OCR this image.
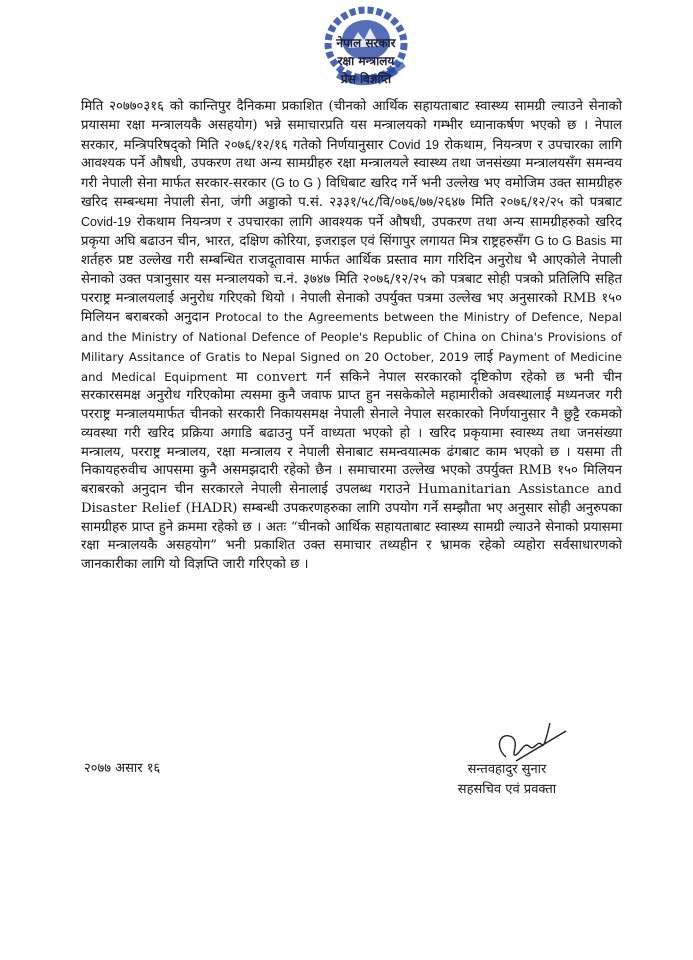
नेपाल सरकार
रक्षा मन्त्रालय
प्रेस विज्ञप्ति

मिति २०७७०३१६ को कान्तिपुर दैनिकमा प्रकाशित (चीनको आर्थिक सहायताबाट स्वास्थ्य सामग्री ल्याउने सेनाको प्रयासमा रक्षा मन्त्रालयकै असहयोग) भन्ने समाचारप्रति यस मन्त्रालयको गम्भीर ध्यानाकर्षण भएको छ । नेपाल सरकार, मन्त्रिपरिषद्‌को मिति २०७६/१२/१६ गतेको निर्णयानुसार Covid 19 रोकथाम, नियन्त्रण र उपचारका लागि आवश्यक पर्ने औषधी, उपकरण तथा अन्य सामग्रीहरु रक्षा मन्त्रालयले स्वास्थ्य तथा जनसंख्या मन्त्रालयसँग समन्वय गरी नेपाली सेना मार्फत सरकार-सरकार (G to G ) विधिबाट खरिद गर्ने भनी उल्लेख भए वमोजिम उक्त सामग्रीहरु खरिद सम्बन्धमा नेपाली सेना, जंगी अड्डाको प.सं. २३३१/५८/वि/०७६/७७/२६४७ मिति २०७६/१२/२५ को पत्रबाट Covid-19 रोकथाम नियन्त्रण र उपचारका लागि आवश्यक पर्ने औषधी, उपकरण तथा अन्य सामग्रीहरुको खरिद प्रकृया अघि बढाउन चीन, भारत, दक्षिण कोरिया, इजराइल एवं सिंगापुर लगायत मित्र राष्ट्रहरुसँग G to G Basis मा शर्तहरु प्रष्ट उल्लेख गरी सम्बन्धित राजदूतावास मार्फत आर्थिक प्रस्ताव माग गरिदिन अनुरोध भै आएकोले नेपाली सेनाको उक्त पत्रानुसार यस मन्त्रालयको च.नं. ३७४७ मिति २०७६/१२/२५ को पत्रबाट सोही पत्रको प्रतिलिपि सहित परराष्ट्र मन्त्रालयलाई अनुरोध गरिएको थियो । नेपाली सेनाको उपर्युक्त पत्रमा उल्लेख भए अनुसारको RMB १५० मिलियन बराबरको अनुदान Protocal to the Agreements between the Ministry of Defence, Nepal and the Ministry of National Defence of People's Republic of China on China's Provisions of Military Assitance of Gratis to Nepal Signed on 20 October, 2019 लाई Payment of Medicine and Medical Equipment मा convert गर्न सकिने नेपाल सरकारको दृष्टिकोण रहेको छ भनी चीन सरकारसमक्ष अनुरोध गरिएकोमा त्यसमा कुनै जवाफ प्राप्त हुन नसकेकोले महामारीको अवस्थालाई मध्यनजर गरी परराष्ट्र मन्त्रालयमार्फत चीनको सरकारी निकायसमक्ष नेपाली सेनाले नेपाल सरकारको निर्णयानुसार नै छुट्टै रकमको व्यवस्था गरी खरिद प्रक्रिया अगाडि बढाउनु पर्ने वाध्यता भएको हो । खरिद प्रकृयामा स्वास्थ्य तथा जनसंख्या मन्त्रालय, परराष्ट्र मन्त्रालय, रक्षा मन्त्रालय र नेपाली सेनाबाट समन्वयात्मक ढंगबाट काम भएको छ । यसमा ती निकायहरुवीच आपसमा कुनै असमझदारी रहेको छैन । समाचारमा उल्लेख भएको उपर्युक्त RMB १५० मिलियन बराबरको अनुदान चीन सरकारले नेपाली सेनालाई उपलब्ध गराउने Humanitarian Assistance and Disaster Relief (HADR) सम्बन्धी उपकरणहरुका लागि उपयोग गर्ने सम्झौता भए अनुसार सोही अनुरुपका सामग्रीहरु प्राप्त हुने क्रममा रहेको छ । अतः “चीनको आर्थिक सहायताबाट स्वास्थ्य सामग्री ल्याउने सेनाको प्रयासमा रक्षा मन्त्रालयकै असहयोग” भनी प्रकाशित उक्त समाचार तथ्यहीन र भ्रामक रहेको व्यहोरा सर्वसाधारणको जानकारीका लागि यो विज्ञप्ति जारी गरिएको छ ।

२०७७ असार १६	सन्तवहादुर सुनार
सहसचिव एवं प्रवक्ता
